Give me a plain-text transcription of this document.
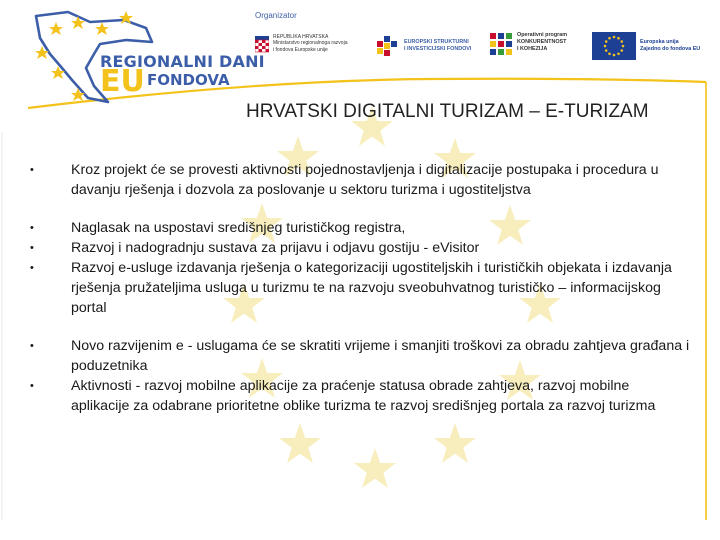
REGIONALNI DANI
EU FONDOVA
Organizator
REPUBLIKA HRVATSKA
Ministarstvo regionalnoga razvoja
i fondova Europske unije
EUROPSKI STRUKTURNI
I INVESTICIJSKI FONDOVI
Operativni program
KONKURENTNOST
I KOHEZIJA
Europska unija
Zajedno do fondova EU
HRVATSKI DIGITALNI TURIZAM – E-TURIZAM
•	Kroz projekt će se provesti aktivnosti pojednostavljenja i digitalizacije postupaka i procedura u davanju rješenja i dozvola za poslovanje u sektoru turizma i ugostiteljstva
•	Naglasak na uspostavi središnjeg turističkog registra,
•	Razvoj i nadogradnju sustava za prijavu i odjavu gostiju - eVisitor
•	Razvoj e-usluge izdavanja rješenja o kategorizaciji ugostiteljskih i turističkih objekata i izdavanja rješenja pružateljima usluga u turizmu te na razvoju sveobuhvatnog turističko – informacijskog portal
•	Novo razvijenim e - uslugama će se skratiti vrijeme i smanjiti troškovi za obradu zahtjeva građana i poduzetnika
•	Aktivnosti - razvoj mobilne aplikacije za praćenje statusa obrade zahtjeva, razvoj mobilne aplikacije za odabrane prioritetne oblike turizma te razvoj središnjeg portala za razvoj turizma
